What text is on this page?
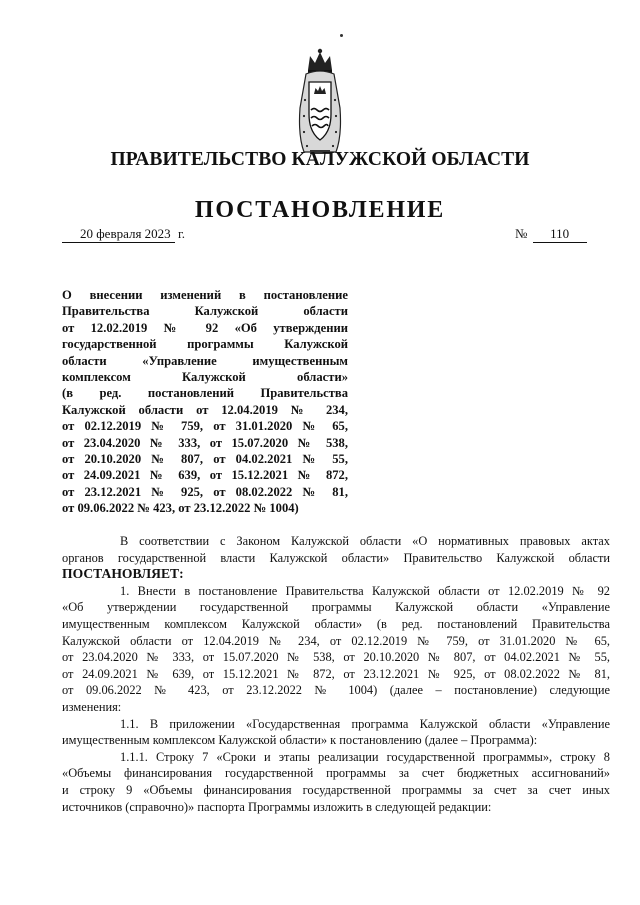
ПРАВИТЕЛЬСТВО КАЛУЖСКОЙ ОБЛАСТИ
ПОСТАНОВЛЕНИЕ
20 февраля 2023 г.	№ 110
О внесении изменений в постановление
Правительства Калужской области
от 12.02.2019 № 92 «Об утверждении
государственной программы Калужской
области «Управление имущественным
комплексом Калужской области»
(в ред. постановлений Правительства
Калужской области от 12.04.2019 № 234,
от 02.12.2019 № 759, от 31.01.2020 № 65,
от 23.04.2020 № 333, от 15.07.2020 № 538,
от 20.10.2020 № 807, от 04.02.2021 № 55,
от 24.09.2021 № 639, от 15.12.2021 № 872,
от 23.12.2021 № 925, от 08.02.2022 № 81,
от 09.06.2022 № 423, от 23.12.2022 № 1004)
В соответствии с Законом Калужской области «О нормативных правовых актах
органов государственной власти Калужской области» Правительство Калужской области
ПОСТАНОВЛЯЕТ:
1. Внести в постановление Правительства Калужской области от 12.02.2019 № 92
«Об утверждении государственной программы Калужской области «Управление
имущественным комплексом Калужской области» (в ред. постановлений Правительства
Калужской области от 12.04.2019 № 234, от 02.12.2019 № 759, от 31.01.2020 № 65,
от 23.04.2020 № 333, от 15.07.2020 № 538, от 20.10.2020 № 807, от 04.02.2021 № 55,
от 24.09.2021 № 639, от 15.12.2021 № 872, от 23.12.2021 № 925, от 08.02.2022 № 81,
от 09.06.2022 № 423, от 23.12.2022 № 1004) (далее – постановление) следующие
изменения:
1.1. В приложении «Государственная программа Калужской области «Управление
имущественным комплексом Калужской области» к постановлению (далее – Программа):
1.1.1. Строку 7 «Сроки и этапы реализации государственной программы», строку 8
«Объемы финансирования государственной программы за счет бюджетных ассигнований»
и строку 9 «Объемы финансирования государственной программы за счет за счет иных
источников (справочно)» паспорта Программы изложить в следующей редакции:
